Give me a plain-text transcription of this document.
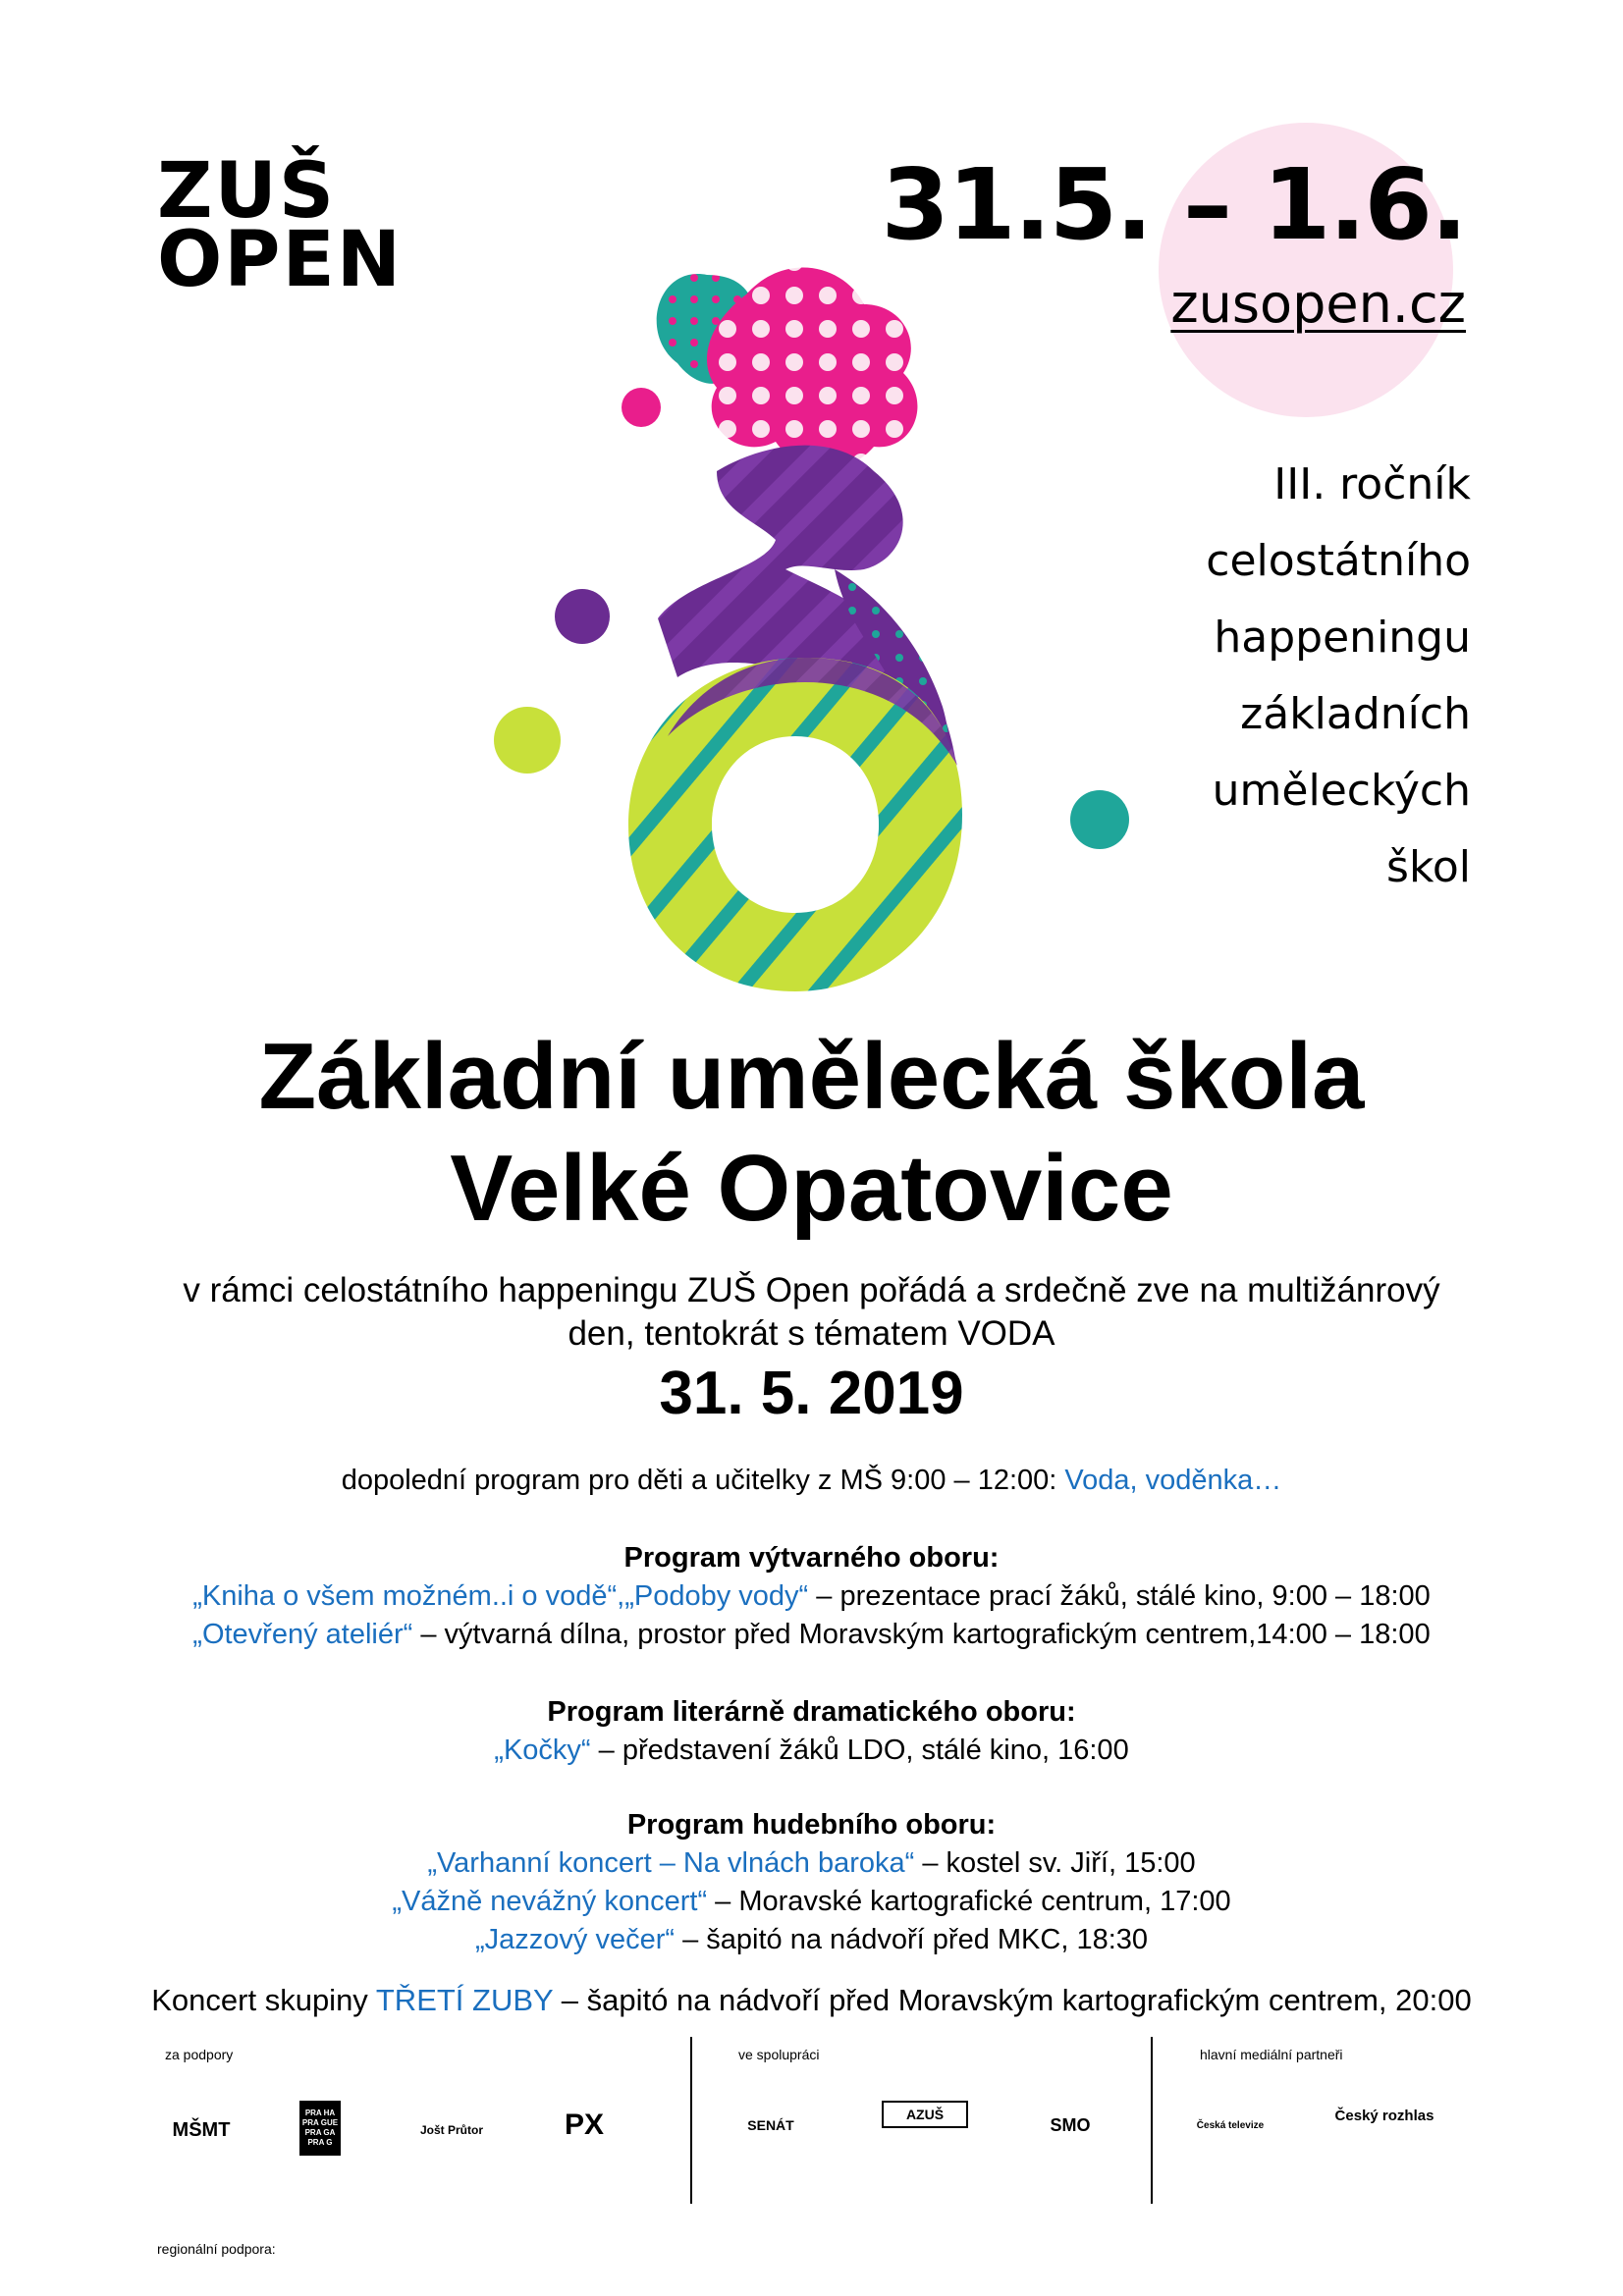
ZUŠ
OPEN	31.5. – 1.6.
zusopen.cz
III. ročník
celostátního
happeningu
základních
uměleckých
škol
Základní umělecká škola
Velké Opatovice
v rámci celostátního happeningu ZUŠ Open pořádá a srdečně zve na multižánrový
den, tentokrát s tématem VODA
31. 5. 2019
dopolední program pro děti a učitelky z MŠ 9:00 – 12:00: Voda, voděnka…
Program výtvarného oboru:
„Kniha o všem možném..i o vodě“,„Podoby vody“ – prezentace prací žáků, stálé kino, 9:00 – 18:00
„Otevřený ateliér“ – výtvarná dílna, prostor před Moravským kartografickým centrem,14:00 – 18:00
Program literárně dramatického oboru:
„Kočky“ – představení žáků LDO, stálé kino, 16:00
Program hudebního oboru:
„Varhanní koncert – Na vlnách baroka“ – kostel sv. Jiří, 15:00
„Vážně nevážný koncert“ – Moravské kartografické centrum, 17:00
„Jazzový večer“ – šapitó na nádvoří před MKC, 18:30
Koncert skupiny TŘETÍ ZUBY – šapitó na nádvoří před Moravským kartografickým centrem, 20:00
za podpory	ve spolupráci	hlavní mediální partneři
MŠMT
PRA HA PRA GUE PRA GA PRA G
Jošt Průtor	PX	SENÁT
AZUŠ
SMO	Česká televize
Český rozhlas
regionální podpora:
